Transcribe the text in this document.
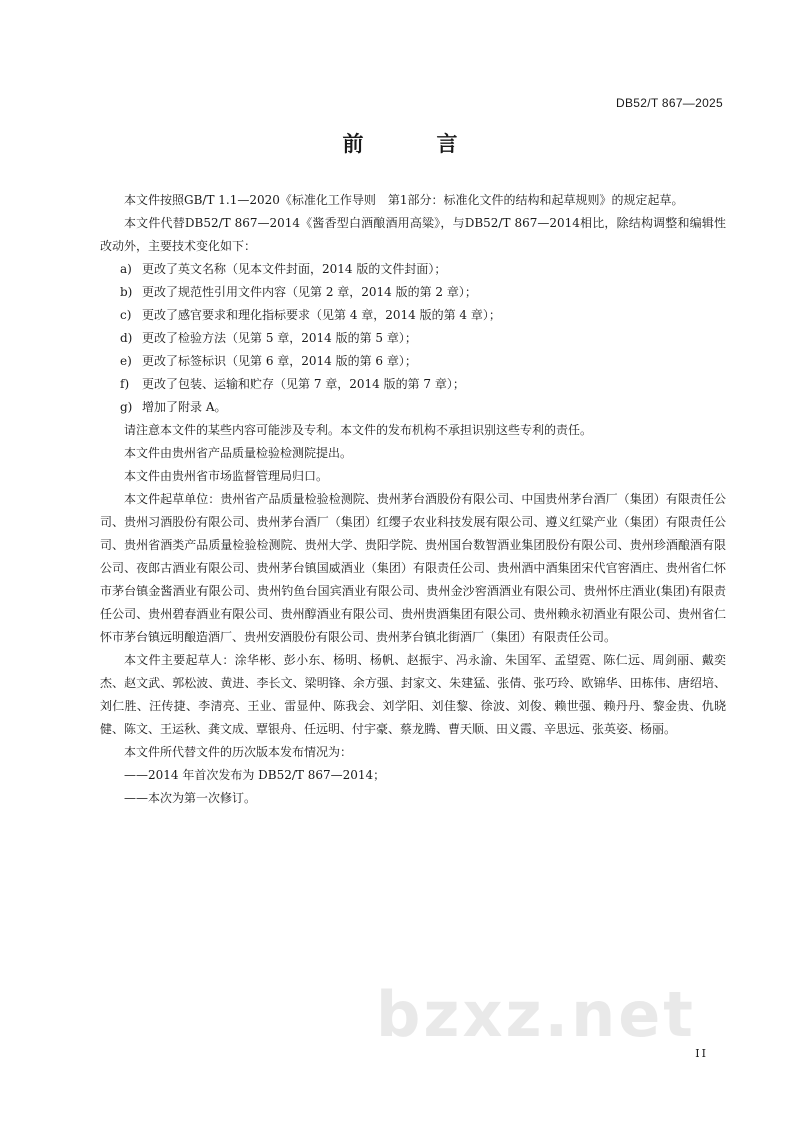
DB52/T 867—2025
前　言

本文件按照GB/T 1.1—2020《标准化工作导则　第1部分：标准化文件的结构和起草规则》的规定起草。

本文件代替DB52/T 867—2014《酱香型白酒酿酒用高粱》，与DB52/T 867—2014相比，除结构调整和编辑性改动外，主要技术变化如下：

a) 更改了英文名称（见本文件封面，2014 版的文件封面）；

b) 更改了规范性引用文件内容（见第 2 章，2014 版的第 2 章）；

c) 更改了感官要求和理化指标要求（见第 4 章，2014 版的第 4 章）；

d) 更改了检验方法（见第 5 章，2014 版的第 5 章）；

e) 更改了标签标识（见第 6 章，2014 版的第 6 章）；

f) 更改了包装、运输和贮存（见第 7 章，2014 版的第 7 章）；

g) 增加了附录 A。

请注意本文件的某些内容可能涉及专利。本文件的发布机构不承担识别这些专利的责任。

本文件由贵州省产品质量检验检测院提出。

本文件由贵州省市场监督管理局归口。

本文件起草单位：贵州省产品质量检验检测院、贵州茅台酒股份有限公司、中国贵州茅台酒厂（集团）有限责任公司、贵州习酒股份有限公司、贵州茅台酒厂（集团）红缨子农业科技发展有限公司、遵义红粱产业（集团）有限责任公司、贵州省酒类产品质量检验检测院、贵州大学、贵阳学院、贵州国台数智酒业集团股份有限公司、贵州珍酒酿酒有限公司、夜郎古酒业有限公司、贵州茅台镇国威酒业（集团）有限责任公司、贵州酒中酒集团宋代官窖酒庄、贵州省仁怀市茅台镇金酱酒业有限公司、贵州钓鱼台国宾酒业有限公司、贵州金沙窖酒酒业有限公司、贵州怀庄酒业(集团)有限责任公司、贵州碧春酒业有限公司、贵州醇酒业有限公司、贵州贵酒集团有限公司、贵州赖永初酒业有限公司、贵州省仁怀市茅台镇远明酿造酒厂、贵州安酒股份有限公司、贵州茅台镇北街酒厂（集团）有限责任公司。

本文件主要起草人：涂华彬、彭小东、杨明、杨帆、赵振宇、冯永渝、朱国军、孟望霓、陈仁远、周剑丽、戴奕杰、赵文武、郭松波、黄进、李长文、梁明锋、余方强、封家文、朱建猛、张倩、张巧玲、欧锦华、田栋伟、唐绍培、刘仁胜、汪传捷、李清亮、王业、雷显仲、陈我会、刘学阳、刘佳黎、徐波、刘俊、赖世强、赖丹丹、黎金贵、仇晓健、陈文、王运秋、龚文成、覃银舟、任远明、付宇豪、蔡龙腾、曹天顺、田义霞、辛思远、张英姿、杨丽。

本文件所代替文件的历次版本发布情况为：

——2014 年首次发布为 DB52/T 867—2014；

——本次为第一次修订。

bzxz.net
II
